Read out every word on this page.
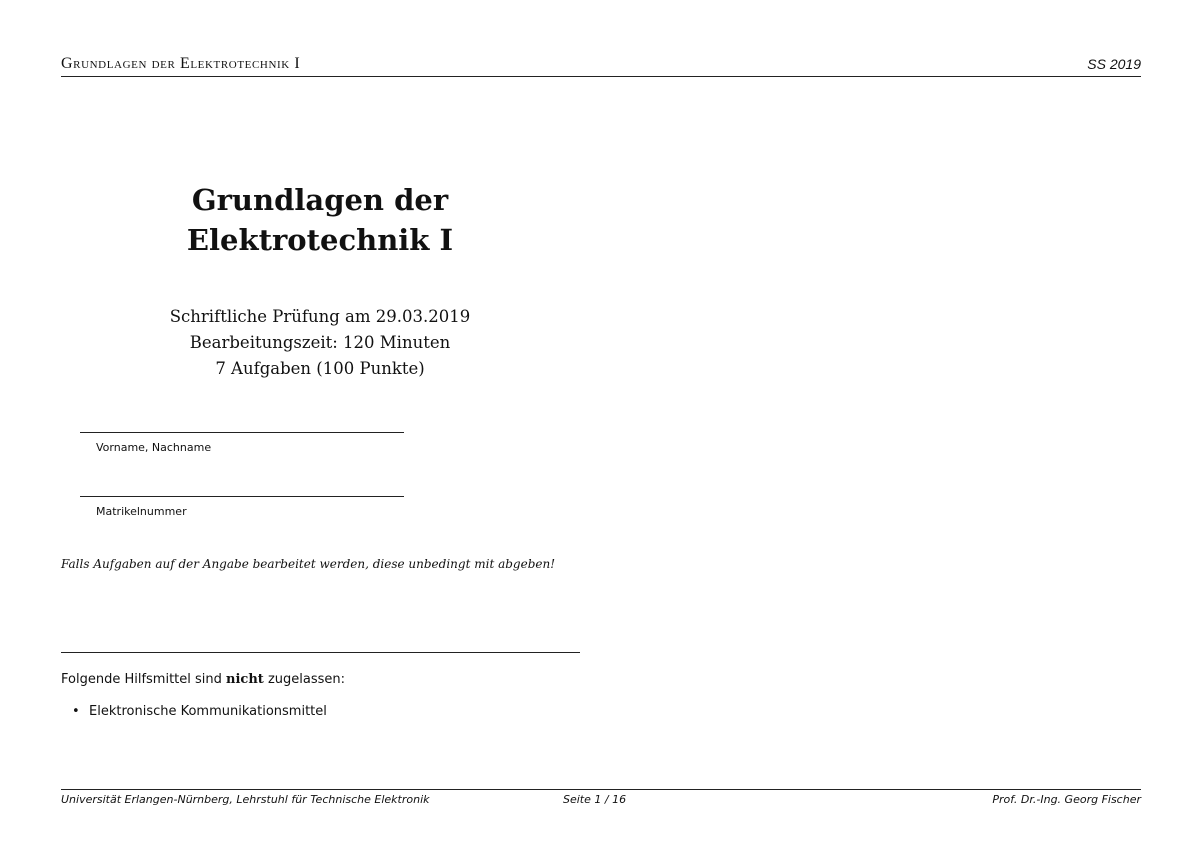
Grundlagen der Elektrotechnik I	SS 2019
Grundlagen der
Elektrotechnik I
Schriftliche Prüfung am 29.03.2019
Bearbeitungszeit: 120 Minuten
7 Aufgaben (100 Punkte)
Vorname, Nachname
Matrikelnummer
Falls Aufgaben auf der Angabe bearbeitet werden, diese unbedingt mit abgeben!
Folgende Hilfsmittel sind nicht zugelassen:
• Elektronische Kommunikationsmittel
Universität Erlangen-Nürnberg, Lehrstuhl für Technische Elektronik	Seite 1 / 16	Prof. Dr.-Ing. Georg Fischer
